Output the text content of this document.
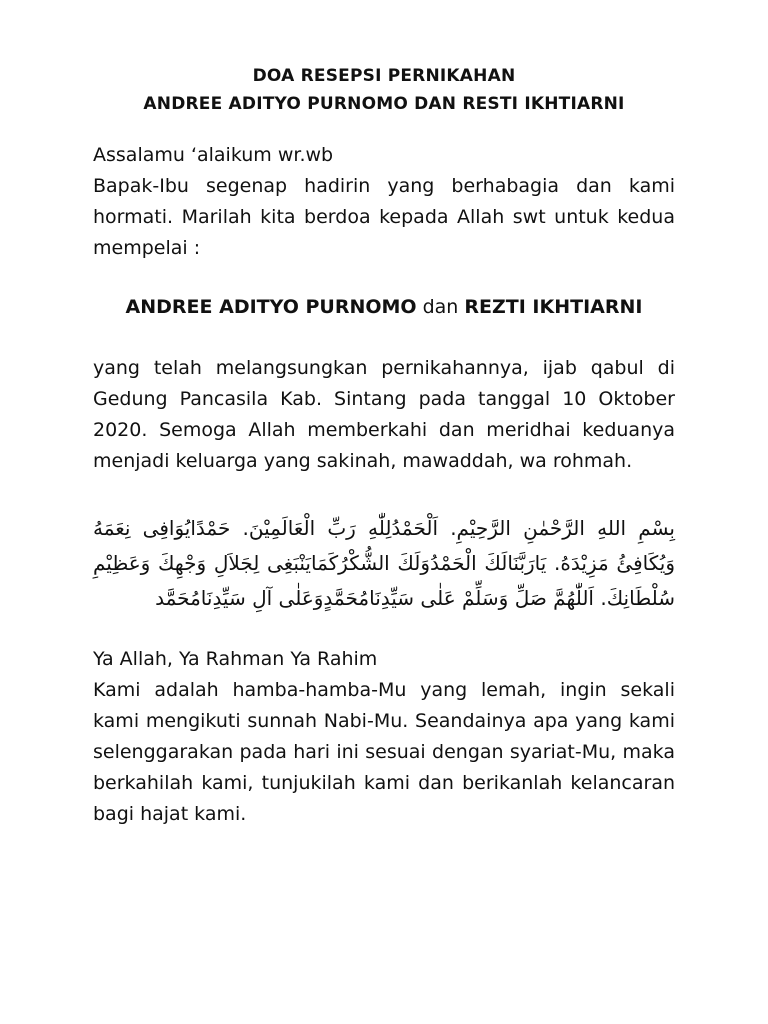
DOA RESEPSI PERNIKAHAN
ANDREE ADITYO PURNOMO DAN RESTI IKHTIARNI
Assalamu ‘alaikum wr.wb
Bapak-Ibu segenap hadirin yang berhabagia dan kami hormati. Marilah kita berdoa kepada Allah swt untuk kedua mempelai :
ANDREE ADITYO PURNOMO dan REZTI IKHTIARNI
yang telah melangsungkan pernikahannya, ijab qabul di Gedung Pancasila Kab. Sintang pada tanggal 10 Oktober 2020. Semoga Allah memberkahi dan meridhai keduanya menjadi keluarga yang sakinah, mawaddah, wa rohmah.
بِسْمِ اللهِ الرَّحْمٰنِ الرَّحِيْمِ. اَلْحَمْدُلِلّٰهِ رَبِّ الْعَالَمِيْنَ. حَمْدًايُوَافِى نِعَمَهُ وَيُكَافِئُ مَزِيْدَهُ. يَارَبَّنَالَكَ الْحَمْدُوَلَكَ الشُّكْرُكَمَايَنْبَغِى لِجَلاَلِ وَجْهِكَ وَعَظِيْمِ سُلْطَانِكَ. اَللّٰهُمَّ صَلِّ وَسَلِّمْ عَلٰى سَيِّدِنَامُحَمَّدٍوَعَلٰى آلِ سَيِّدِنَامُحَمَّد
Ya Allah, Ya Rahman Ya Rahim
Kami adalah hamba-hamba-Mu yang lemah, ingin sekali kami mengikuti sunnah Nabi-Mu. Seandainya apa yang kami selenggarakan pada hari ini sesuai dengan syariat-Mu, maka berkahilah kami, tunjukilah kami dan berikanlah kelancaran bagi hajat kami.
